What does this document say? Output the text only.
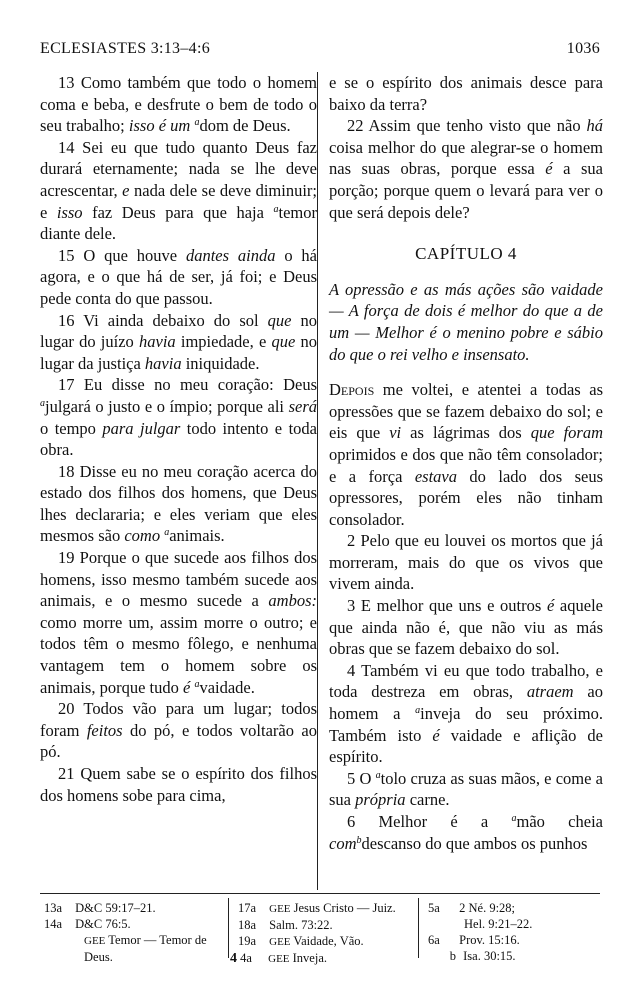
ECLESIASTES 3:13–4:6	1036

13 Como também que todo o homem coma e beba, e desfrute o bem de todo o seu trabalho; isso é um $^a$dom de Deus.

14 Sei eu que tudo quanto Deus faz durará eternamente; nada se lhe deve acrescentar, e nada dele se deve diminuir; e isso faz Deus para que haja $^a$temor diante dele.

15 O que houve dantes ainda o há agora, e o que há de ser, já foi; e Deus pede conta do que passou.

16 Vi ainda debaixo do sol que no lugar do juízo havia impiedade, e que no lugar da justiça havia iniquidade.

17 Eu disse no meu coração: Deus $^a$julgará o justo e o ímpio; porque ali será o tempo para julgar todo intento e toda obra.

18 Disse eu no meu coração acerca do estado dos filhos dos homens, que Deus lhes declararia; e eles veriam que eles mesmos são como $^a$animais.

19 Porque o que sucede aos filhos dos homens, isso mesmo também sucede aos animais, e o mesmo sucede a ambos: como morre um, assim morre o outro; e todos têm o mesmo fôlego, e nenhuma vantagem tem o homem sobre os animais, porque tudo é $^a$vaidade.

20 Todos vão para um lugar; todos foram feitos do pó, e todos voltarão ao pó.

21 Quem sabe se o espírito dos filhos dos homens sobe para cima,

e se o espírito dos animais desce para baixo da terra?

22 Assim que tenho visto que não há coisa melhor do que alegrar-se o homem nas suas obras, porque essa é a sua porção; porque quem o levará para ver o que será depois dele?

CAPÍTULO 4

A opressão e as más ações são vaidade — A força de dois é melhor do que a de um — Melhor é o menino pobre e sábio do que o rei velho e insensato.

Depois me voltei, e atentei a todas as opressões que se fazem debaixo do sol; e eis que vi as lágrimas dos que foram oprimidos e dos que não têm consolador; e a força estava do lado dos seus opressores, porém eles não tinham consolador.

2 Pelo que eu louvei os mortos que já morreram, mais do que os vivos que vivem ainda.

3 E melhor que uns e outros é aquele que ainda não é, que não viu as más obras que se fazem debaixo do sol.

4 Também vi eu que todo trabalho, e toda destreza em obras, atraem ao homem a $^a$inveja do seu próximo. Também isto é vaidade e aflição de espírito.

5 O $^a$tolo cruza as suas mãos, e come a sua própria carne.

6 Melhor é a $^a$mão cheia com$^b$descanso do que ambos os punhos

13a D&C 59:17–21.

14a D&C 76:5.

GEE Temor — Temor de

Deus.

17a GEE Jesus Cristo — Juiz.

18a Salm. 73:22.

19a GEE Vaidade, Vão.

4 4a GEE Inveja.

5a 2 Né. 9:28;

Hel. 9:21–22.

6a Prov. 15:16.

b Isa. 30:15.
